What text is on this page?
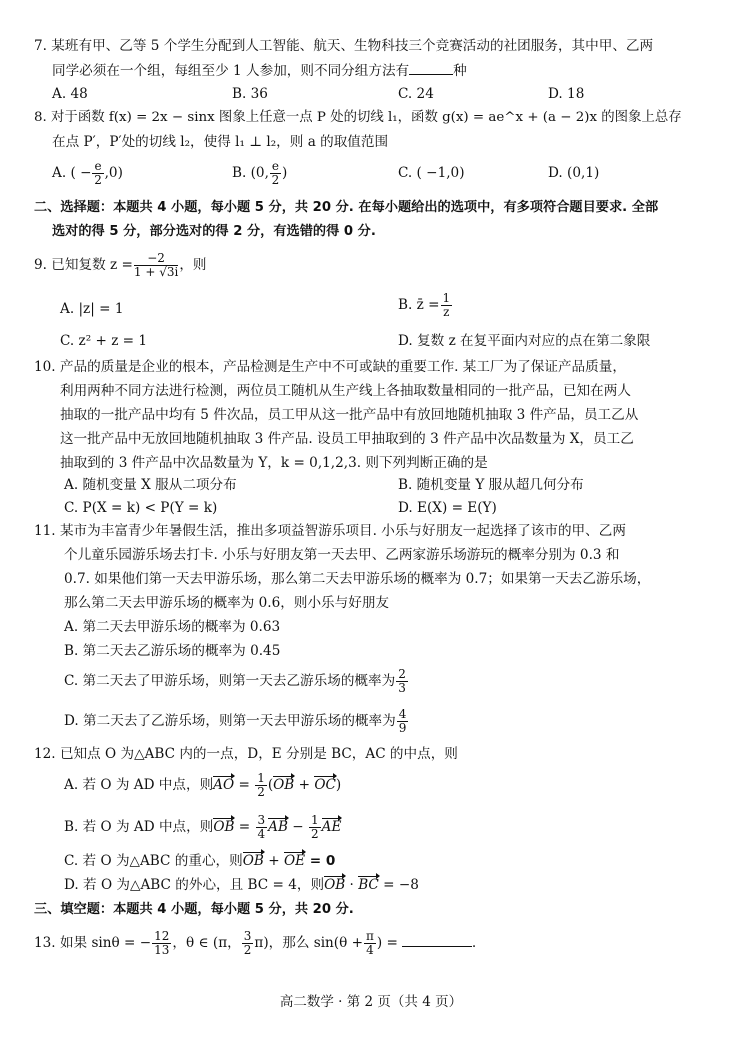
7. 某班有甲、乙等 5 个学生分配到人工智能、航天、生物科技三个竞赛活动的社团服务，其中甲、乙两
同学必须在一个组，每组至少 1 人参加，则不同分组方法有	种
A. 48	B. 36	C. 24	D. 18
8. 对于函数 f(x) = 2x − sinx 图象上任意一点 P 处的切线 l₁，函数 g(x) = ae^x + (a − 2)x 的图象上总存
在点 P′，P′处的切线 l₂，使得 l₁ ⊥ l₂，则 a 的取值范围
A. ( − $\frac{e}{2} ,0$)	B. (0, $\frac{e}{2}$ )	C. ( −1,0)	D. (0,1)
二、选择题：本题共 4 小题，每小题 5 分，共 20 分. 在每小题给出的选项中，有多项符合题目要求. 全部
选对的得 5 分，部分选对的得 2 分，有选错的得 0 分.
9. 已知复数 $z = \frac{-2}{1 + √3i}$ ，则
A. |z| = 1	B. z̄ = $\frac{1}{z}$
C. z² + z = 1	D. 复数 z 在复平面内对应的点在第二象限
10. 产品的质量是企业的根本，产品检测是生产中不可或缺的重要工作. 某工厂为了保证产品质量，
利用两种不同方法进行检测，两位员工随机从生产线上各抽取数量相同的一批产品，已知在两人
抽取的一批产品中均有 5 件次品，员工甲从这一批产品中有放回地随机抽取 3 件产品，员工乙从
这一批产品中无放回地随机抽取 3 件产品. 设员工甲抽取到的 3 件产品中次品数量为 X，员工乙
抽取到的 3 件产品中次品数量为 Y，k = 0,1,2,3. 则下列判断正确的是
A. 随机变量 X 服从二项分布	B. 随机变量 Y 服从超几何分布
C. P(X = k) < P(Y = k)	D. E(X) = E(Y)
11. 某市为丰富青少年暑假生活，推出多项益智游乐项目. 小乐与好朋友一起选择了该市的甲、乙两
个儿童乐园游乐场去打卡. 小乐与好朋友第一天去甲、乙两家游乐场游玩的概率分别为 0.3 和
0.7. 如果他们第一天去甲游乐场，那么第二天去甲游乐场的概率为 0.7；如果第一天去乙游乐场，
那么第二天去甲游乐场的概率为 0.6，则小乐与好朋友
A. 第二天去甲游乐场的概率为 0.63
B. 第二天去乙游乐场的概率为 0.45
C. 第二天去了甲游乐场，则第一天去乙游乐场的概率为 $\frac{2}{3}$
D. 第二天去了乙游乐场，则第一天去甲游乐场的概率为 $\frac{4}{9}$
12. 已知点 O 为△ABC 内的一点，D，E 分别是 BC，AC 的中点，则
A. 若 O 为 AD 中点，则AO = $\frac{1}{2} (OB + OC)$
B. 若 O 为 AD 中点，则OB = $\frac{3}{4}$ AB − $\frac{1}{2}$ AE
C. 若 O 为△ABC 的重心，则OB + OE = 0
D. 若 O 为△ABC 的外心，且 BC = 4，则OB · BC = −8
三、填空题：本题共 4 小题，每小题 5 分，共 20 分.
13. 如果 sinθ = − $\frac{12}{13}$ ，θ ∈ (π， $\frac{3}{2} \pi$)，那么 $\sin(\theta + \frac{\pi}{4}$ ) =	.
高二数学 · 第 2 页（共 4 页）
